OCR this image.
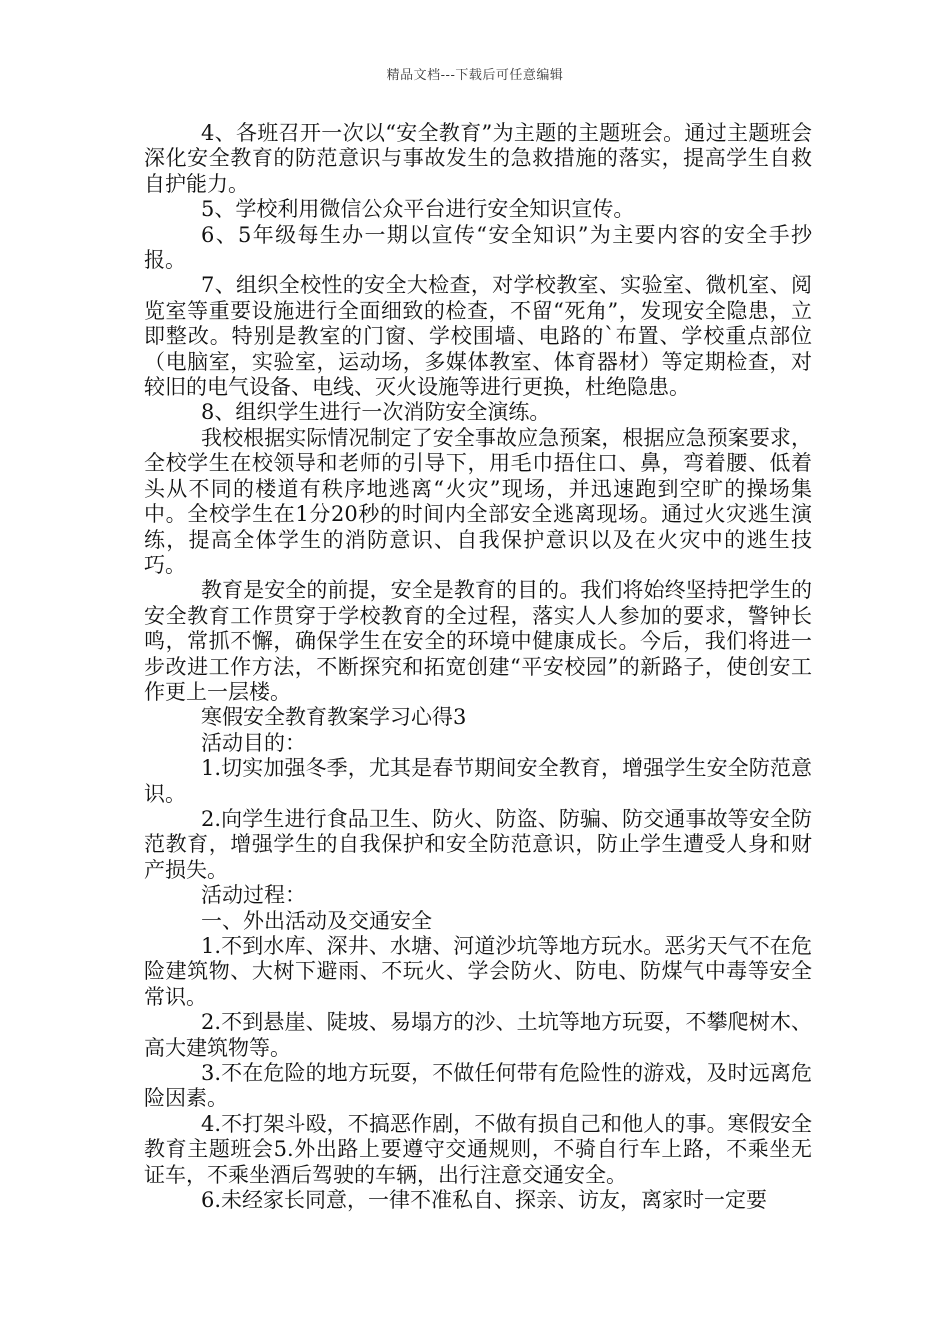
精品文档---下载后可任意编辑

4、各班召开一次以“安全教育”为主题的主题班会。通过主题班会深化安全教育的防范意识与事故发生的急救措施的落实，提高学生自救自护能力。

5、学校利用微信公众平台进行安全知识宣传。

6、5年级每生办一期以宣传“安全知识”为主要内容的安全手抄报。

7、组织全校性的安全大检查，对学校教室、实验室、微机室、阅览室等重要设施进行全面细致的检查，不留“死角”，发现安全隐患，立即整改。特别是教室的门窗、学校围墙、电路的`布置、学校重点部位（电脑室，实验室，运动场，多媒体教室、体育器材）等定期检查，对较旧的电气设备、电线、灭火设施等进行更换，杜绝隐患。

8、组织学生进行一次消防安全演练。

我校根据实际情况制定了安全事故应急预案，根据应急预案要求，全校学生在校领导和老师的引导下，用毛巾捂住口、鼻，弯着腰、低着头从不同的楼道有秩序地逃离“火灾”现场，并迅速跑到空旷的操场集中。全校学生在1分20秒的时间内全部安全逃离现场。通过火灾逃生演练，提高全体学生的消防意识、自我保护意识以及在火灾中的逃生技巧。

教育是安全的前提，安全是教育的目的。我们将始终坚持把学生的安全教育工作贯穿于学校教育的全过程，落实人人参加的要求，警钟长鸣，常抓不懈，确保学生在安全的环境中健康成长。今后，我们将进一步改进工作方法，不断探究和拓宽创建“平安校园”的新路子，使创安工作更上一层楼。

寒假安全教育教案学习心得3

活动目的：

1.切实加强冬季，尤其是春节期间安全教育，增强学生安全防范意识。

2.向学生进行食品卫生、防火、防盗、防骗、防交通事故等安全防范教育，增强学生的自我保护和安全防范意识，防止学生遭受人身和财产损失。

活动过程：

一、外出活动及交通安全

1.不到水库、深井、水塘、河道沙坑等地方玩水。恶劣天气不在危险建筑物、大树下避雨、不玩火、学会防火、防电、防煤气中毒等安全常识。

2.不到悬崖、陡坡、易塌方的沙、土坑等地方玩耍，不攀爬树木、高大建筑物等。

3.不在危险的地方玩耍，不做任何带有危险性的游戏，及时远离危险因素。

4.不打架斗殴，不搞恶作剧，不做有损自己和他人的事。寒假安全教育主题班会5.外出路上要遵守交通规则，不骑自行车上路，不乘坐无证车，不乘坐酒后驾驶的车辆，出行注意交通安全。

6.未经家长同意，一律不准私自、探亲、访友，离家时一定要
